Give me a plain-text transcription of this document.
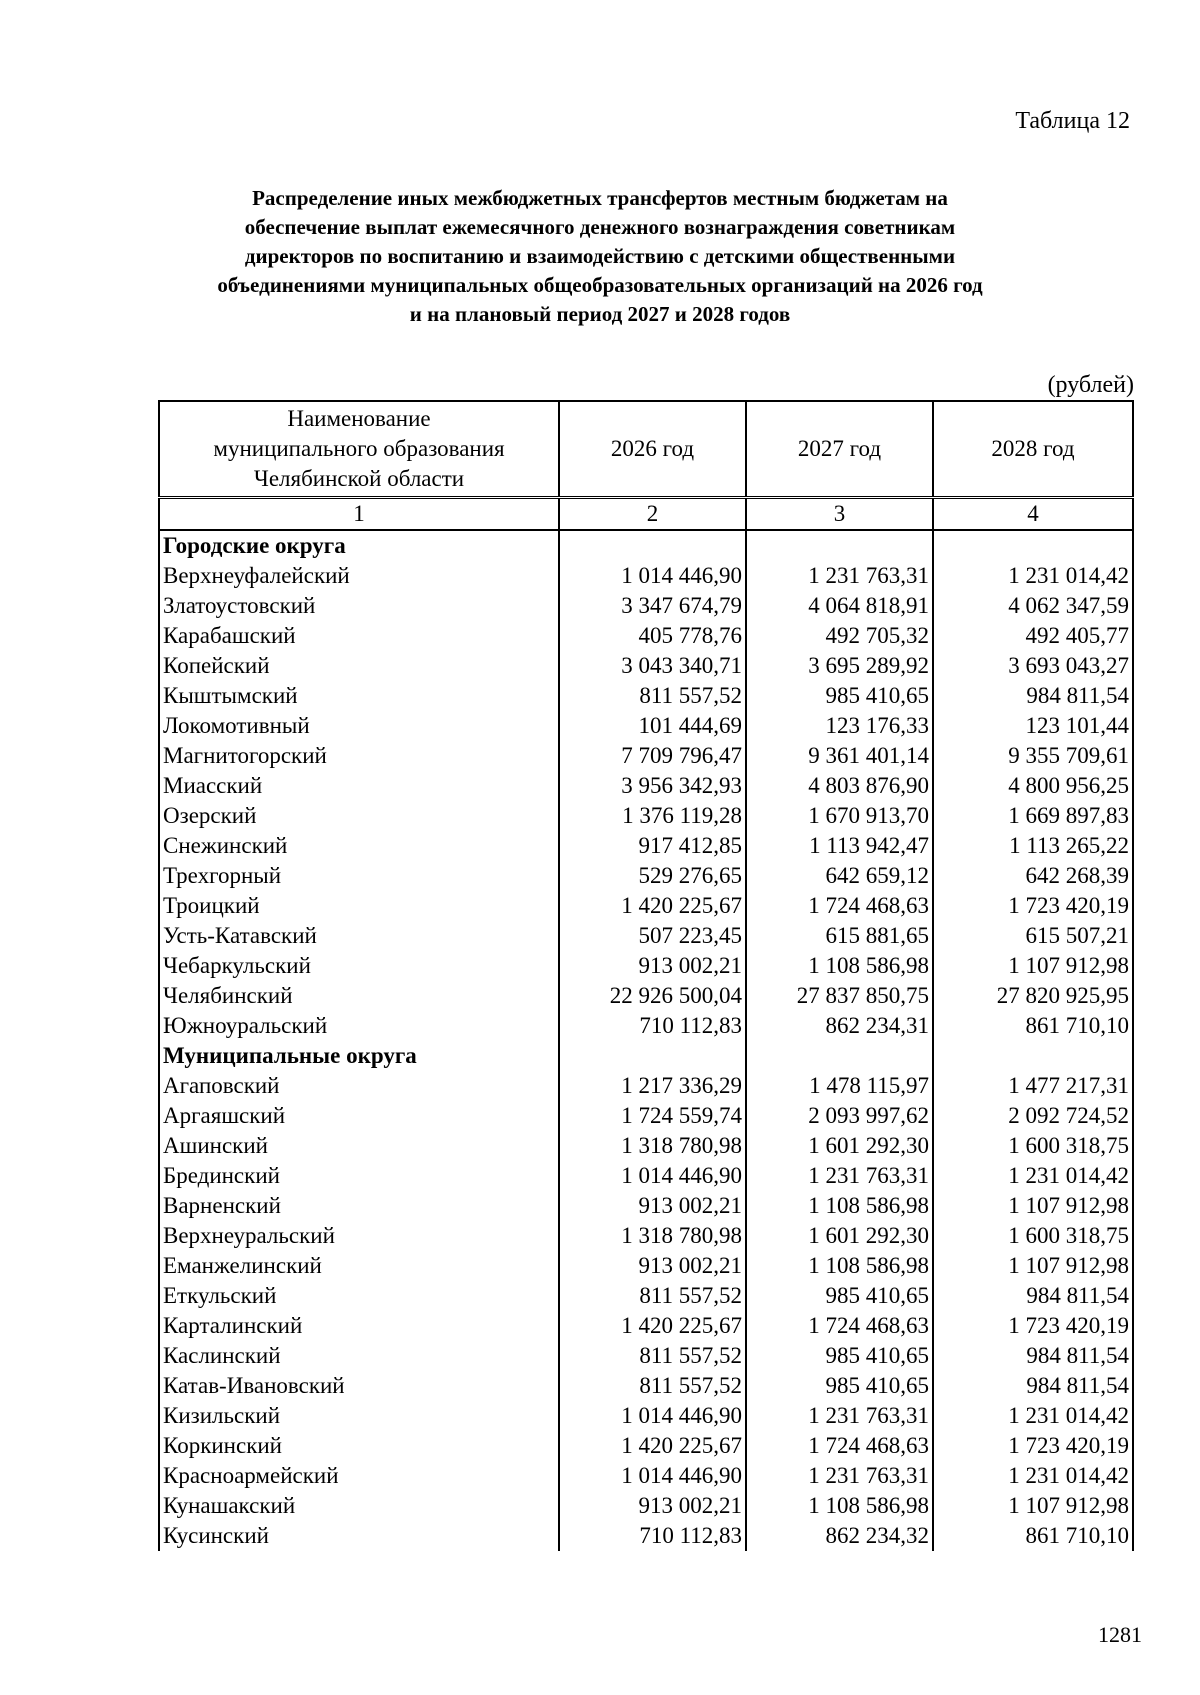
Таблица 12
Распределение иных межбюджетных трансфертов местным бюджетам на
обеспечение выплат ежемесячного денежного вознаграждения советникам
директоров по воспитанию и взаимодействию с детскими общественными
объединениями муниципальных общеобразовательных организаций на 2026 год
и на плановый период 2027 и 2028 годов
(рублей)
Наименование
муниципального образования
Челябинской области	2026 год	2027 год	2028 год
1	2	3	4
Городские округа			
Верхнеуфалейский	1 014 446,90	1 231 763,31	1 231 014,42
Златоустовский	3 347 674,79	4 064 818,91	4 062 347,59
Карабашский	405 778,76	492 705,32	492 405,77
Копейский	3 043 340,71	3 695 289,92	3 693 043,27
Кыштымский	811 557,52	985 410,65	984 811,54
Локомотивный	101 444,69	123 176,33	123 101,44
Магнитогорский	7 709 796,47	9 361 401,14	9 355 709,61
Миасский	3 956 342,93	4 803 876,90	4 800 956,25
Озерский	1 376 119,28	1 670 913,70	1 669 897,83
Снежинский	917 412,85	1 113 942,47	1 113 265,22
Трехгорный	529 276,65	642 659,12	642 268,39
Троицкий	1 420 225,67	1 724 468,63	1 723 420,19
Усть-Катавский	507 223,45	615 881,65	615 507,21
Чебаркульский	913 002,21	1 108 586,98	1 107 912,98
Челябинский	22 926 500,04	27 837 850,75	27 820 925,95
Южноуральский	710 112,83	862 234,31	861 710,10
Муниципальные округа			
Агаповский	1 217 336,29	1 478 115,97	1 477 217,31
Аргаяшский	1 724 559,74	2 093 997,62	2 092 724,52
Ашинский	1 318 780,98	1 601 292,30	1 600 318,75
Брединский	1 014 446,90	1 231 763,31	1 231 014,42
Варненский	913 002,21	1 108 586,98	1 107 912,98
Верхнеуральский	1 318 780,98	1 601 292,30	1 600 318,75
Еманжелинский	913 002,21	1 108 586,98	1 107 912,98
Еткульский	811 557,52	985 410,65	984 811,54
Карталинский	1 420 225,67	1 724 468,63	1 723 420,19
Каслинский	811 557,52	985 410,65	984 811,54
Катав-Ивановский	811 557,52	985 410,65	984 811,54
Кизильский	1 014 446,90	1 231 763,31	1 231 014,42
Коркинский	1 420 225,67	1 724 468,63	1 723 420,19
Красноармейский	1 014 446,90	1 231 763,31	1 231 014,42
Кунашакский	913 002,21	1 108 586,98	1 107 912,98
Кусинский	710 112,83	862 234,32	861 710,10
1281
